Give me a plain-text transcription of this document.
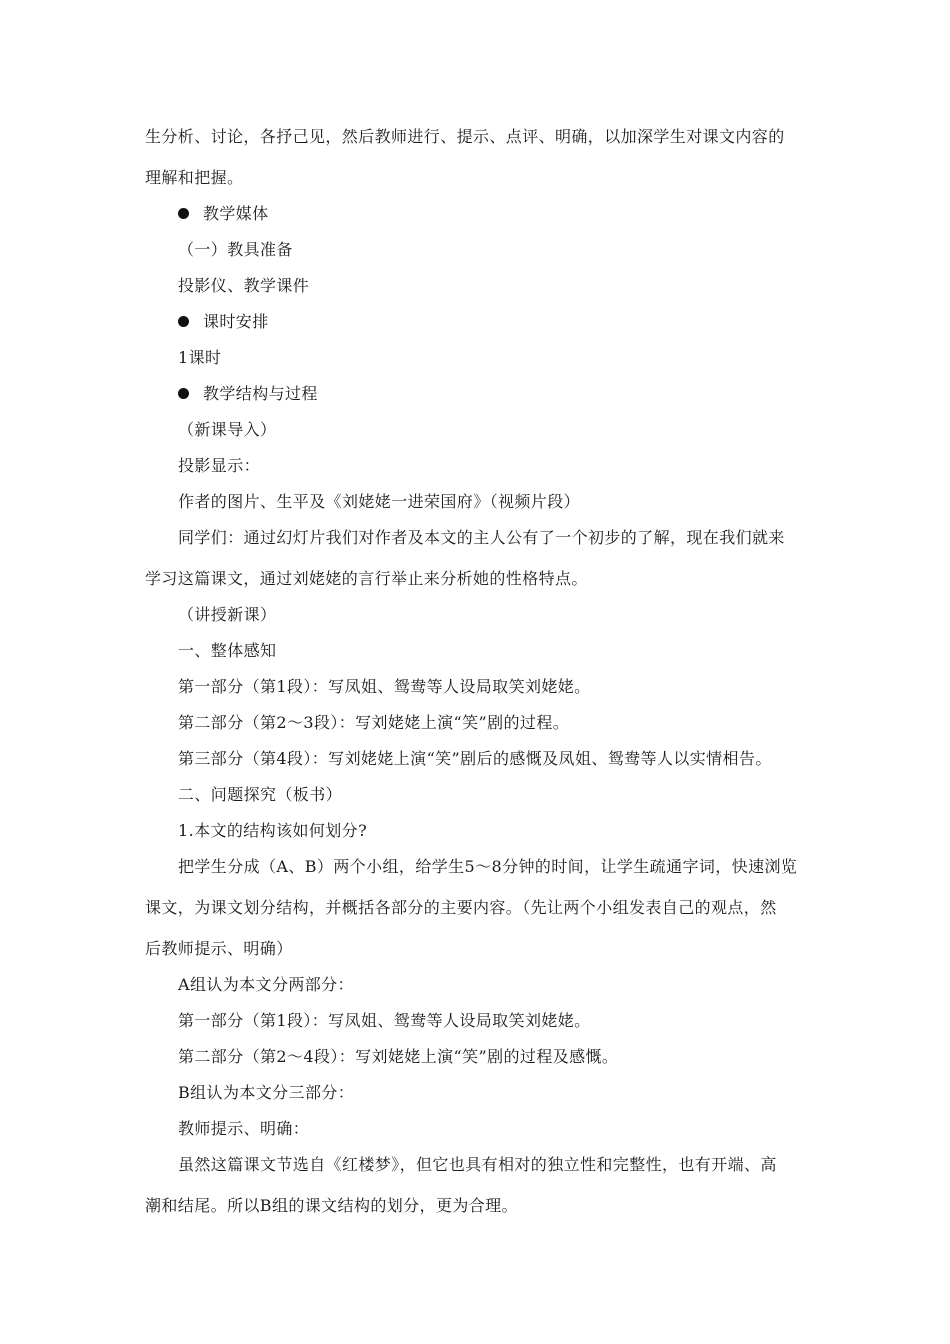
生分析、讨论，各抒己见，然后教师进行、提示、点评、明确，以加深学生对课文内容的
理解和把握。
教学媒体
（一）教具准备
投影仪、教学课件
课时安排
1课时
教学结构与过程
（新课导入）
投影显示：
作者的图片、生平及《刘姥姥一进荣国府》（视频片段）
同学们：通过幻灯片我们对作者及本文的主人公有了一个初步的了解，现在我们就来
学习这篇课文，通过刘姥姥的言行举止来分析她的性格特点。
（讲授新课）
一、整体感知
第一部分（第1段）：写凤姐、鸳鸯等人设局取笑刘姥姥。
第二部分（第2～3段）：写刘姥姥上演“笑”剧的过程。
第三部分（第4段）：写刘姥姥上演“笑”剧后的感慨及凤姐、鸳鸯等人以实情相告。
二、问题探究（板书）
1.本文的结构该如何划分?
把学生分成（A、B）两个小组，给学生5～8分钟的时间，让学生疏通字词，快速浏览
课文，为课文划分结构，并概括各部分的主要内容。（先让两个小组发表自己的观点，然
后教师提示、明确）
A组认为本文分两部分：
第一部分（第1段）：写凤姐、鸳鸯等人设局取笑刘姥姥。
第二部分（第2～4段）：写刘姥姥上演“笑”剧的过程及感慨。
B组认为本文分三部分：
教师提示、明确：
虽然这篇课文节选自《红楼梦》，但它也具有相对的独立性和完整性，也有开端、高
潮和结尾。所以B组的课文结构的划分，更为合理。
